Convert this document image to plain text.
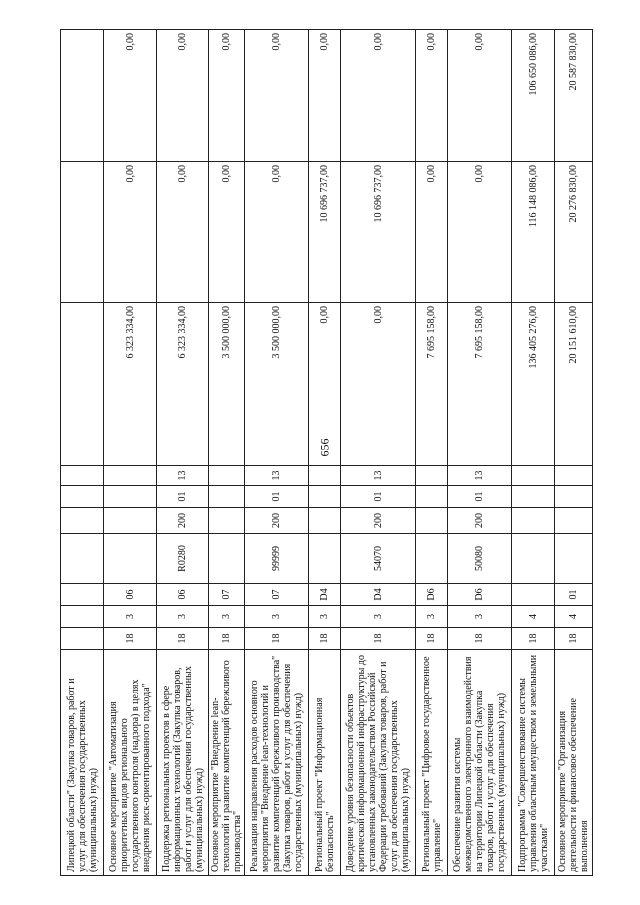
656
Липецкой области" (Закупка товаров, работ и услуг для обеспечения государственных (муниципальных) нужд)										
Основное мероприятие "Автоматизация приоритетных видов регионального государственного контроля (надзора) в целях внедрения риск-ориентированного подхода"	18	3	06					6 323 334,00	0,00	0,00
Поддержка региональных проектов в сфере информационных технологий (Закупка товаров, работ и услуг для обеспечения государственных (муниципальных) нужд)	18	3	06	R0280	200	01	13	6 323 334,00	0,00	0,00
Основное мероприятие "Внедрение lean-технологий и развитие компетенций бережливого производства"	18	3	07					3 500 000,00	0,00	0,00
Реализация направления расходов основного мероприятия "Внедрение lean-технологий и развитие компетенций бережливого производства" (Закупка товаров, работ и услуг для обеспечения государственных (муниципальных) нужд)	18	3	07	99999	200	01	13	3 500 000,00	0,00	0,00
Региональный проект "Информационная безопасность"	18	3	D4					0,00	10 696 737,00	0,00
Доведение уровня безопасности объектов критической информационной инфраструктуры до установленных законодательством Российской Федерации требований (Закупка товаров, работ и услуг для обеспечения государственных (муниципальных) нужд)	18	3	D4	54070	200	01	13	0,00	10 696 737,00	0,00
Региональный проект "Цифровое государственное управление"	18	3	D6					7 695 158,00	0,00	0,00
Обеспечение развития системы межведомственного электронного взаимодействия на территории Липецкой области (Закупка товаров, работ и услуг для обеспечения государственных (муниципальных) нужд)	18	3	D6	50080	200	01	13	7 695 158,00	0,00	0,00
Подпрограмма "Совершенствование системы управления областным имуществом и земельными участками"	18	4						136 405 276,00	116 148 086,00	106 650 086,00
Основное мероприятие "Организация деятельности и финансовое обеспечение выполнения	18	4	01					20 151 610,00	20 276 830,00	20 587 830,00
